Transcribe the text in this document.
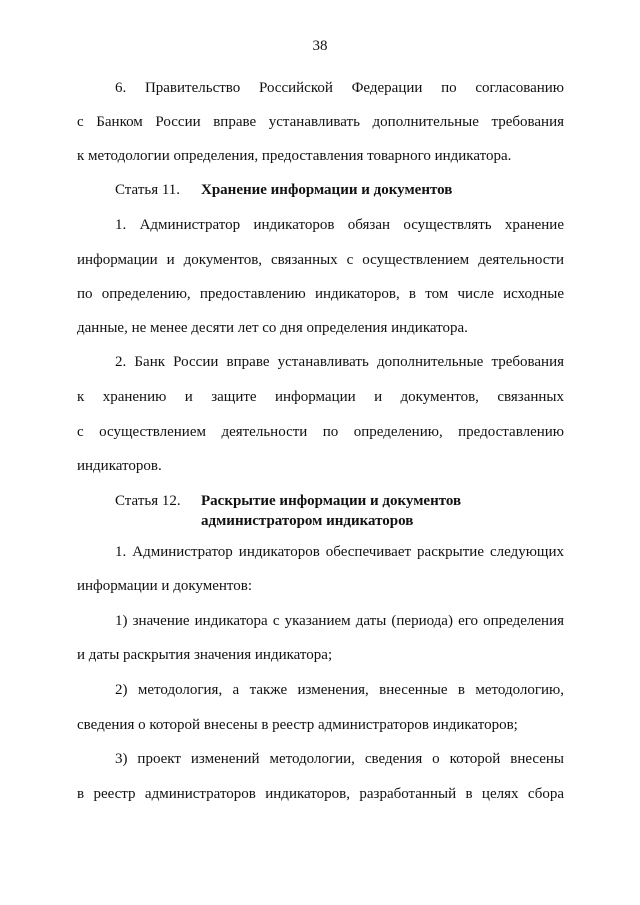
38
6. Правительство Российской Федерации по согласованию
с Банком России вправе устанавливать дополнительные требования
к методологии определения, предоставления товарного индикатора.
Статья 11. Хранение информации и документов
1. Администратор индикаторов обязан осуществлять хранение
информации и документов, связанных с осуществлением деятельности
по определению, предоставлению индикаторов, в том числе исходные
данные, не менее десяти лет со дня определения индикатора.
2. Банк России вправе устанавливать дополнительные требования
к хранению и защите информации и документов, связанных
с осуществлением деятельности по определению, предоставлению
индикаторов.
Статья 12. Раскрытие информации и документов
администратором индикаторов
1. Администратор индикаторов обеспечивает раскрытие следующих
информации и документов:
1) значение индикатора с указанием даты (периода) его определения
и даты раскрытия значения индикатора;
2) методология, а также изменения, внесенные в методологию,
сведения о которой внесены в реестр администраторов индикаторов;
3) проект изменений методологии, сведения о которой внесены
в реестр администраторов индикаторов, разработанный в целях сбора
